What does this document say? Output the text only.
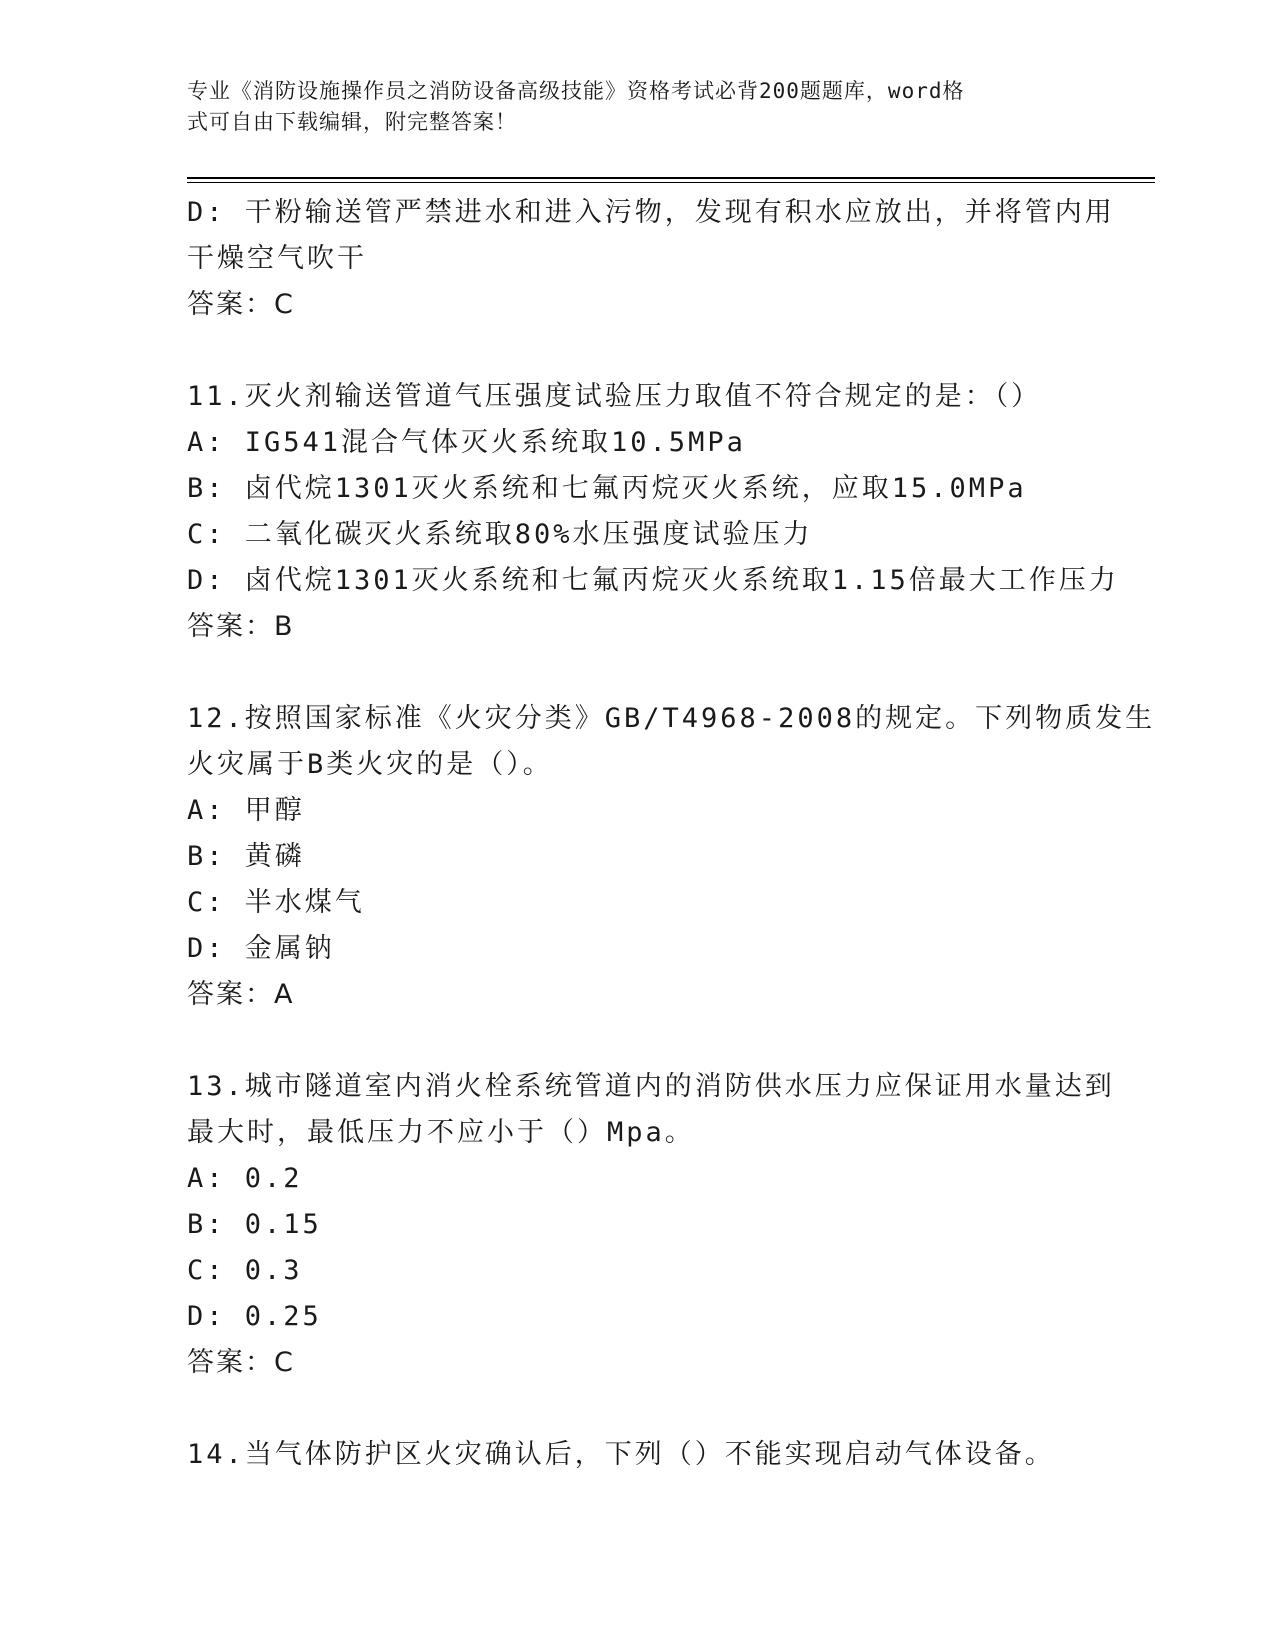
专业《消防设施操作员之消防设备高级技能》资格考试必背200题题库，word格
式可自由下载编辑，附完整答案！
D: 干粉输送管严禁进水和进入污物，发现有积水应放出，并将管内用
干燥空气吹干
答案：C
11.灭火剂输送管道气压强度试验压力取值不符合规定的是：（）
A: IG541混合气体灭火系统取10.5MPa
B: 卤代烷1301灭火系统和七氟丙烷灭火系统，应取15.0MPa
C: 二氧化碳灭火系统取80%水压强度试验压力
D: 卤代烷1301灭火系统和七氟丙烷灭火系统取1.15倍最大工作压力
答案：B
12.按照国家标准《火灾分类》GB/T4968-2008的规定。下列物质发生
火灾属于B类火灾的是（）。
A: 甲醇
B: 黄磷
C: 半水煤气
D: 金属钠
答案：A
13.城市隧道室内消火栓系统管道内的消防供水压力应保证用水量达到
最大时，最低压力不应小于（）Mpa。
A: 0.2
B: 0.15
C: 0.3
D: 0.25
答案：C
14.当气体防护区火灾确认后，下列（）不能实现启动气体设备。
